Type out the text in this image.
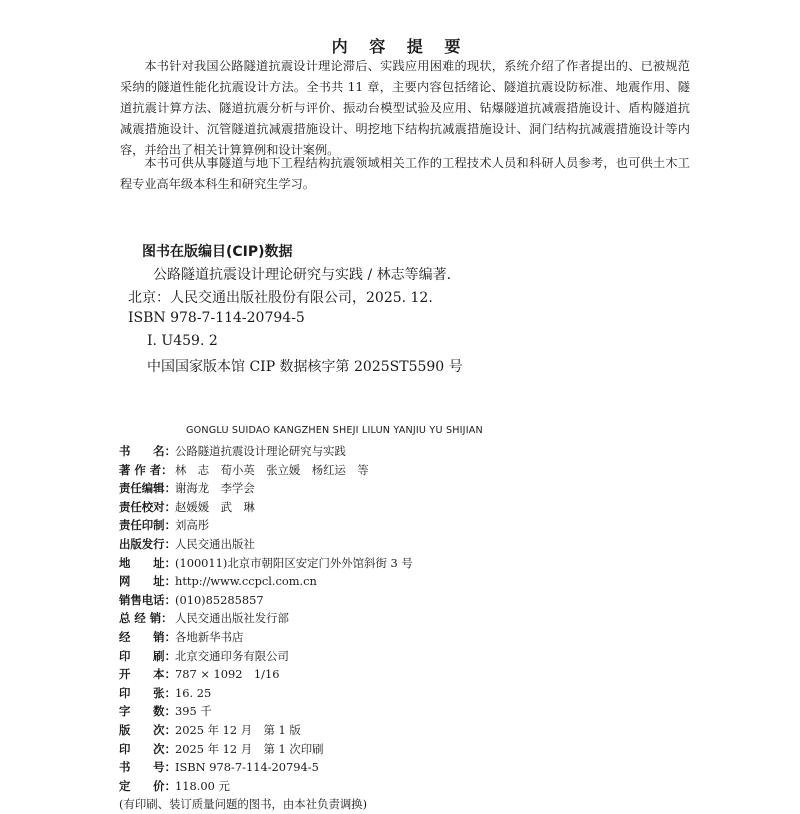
内 容 提 要

本书针对我国公路隧道抗震设计理论滞后、实践应用困难的现状，系统介绍了作者提出的、已被规范采纳的隧道性能化抗震设计方法。全书共 11 章，主要内容包括绪论、隧道抗震设防标准、地震作用、隧道抗震计算方法、隧道抗震分析与评价、振动台模型试验及应用、钻爆隧道抗减震措施设计、盾构隧道抗减震措施设计、沉管隧道抗减震措施设计、明挖地下结构抗减震措施设计、洞门结构抗减震措施设计等内容，并给出了相关计算算例和设计案例。

本书可供从事隧道与地下工程结构抗震领域相关工作的工程技术人员和科研人员参考，也可供土木工程专业高年级本科生和研究生学习。

图书在版编目(CIP)数据
公路隧道抗震设计理论研究与实践 / 林志等编著.
北京：人民交通出版社股份有限公司，2025. 12.
ISBN 978-7-114-20794-5
Ⅰ. U459. 2
中国国家版本馆 CIP 数据核字第 2025ST5590 号
GONGLU SUIDAO KANGZHEN SHEJI LILUN YANJIU YU SHIJIAN
书　　名： 公路隧道抗震设计理论研究与实践
著 作 者： 林　志　荀小英　张立媛　杨红运　等
责任编辑： 谢海龙　李学会
责任校对： 赵媛媛　武　琳
责任印制： 刘高彤
出版发行： 人民交通出版社
地　　址： (100011)北京市朝阳区安定门外外馆斜街 3 号
网　　址： http://www.ccpcl.com.cn
销售电话： (010)85285857
总 经 销： 人民交通出版社发行部
经　　销： 各地新华书店
印　　刷： 北京交通印务有限公司
开　　本： 787 × 1092　1/16
印　　张： 16. 25
字　　数： 395 千
版　　次： 2025 年 12 月　第 1 版
印　　次： 2025 年 12 月　第 1 次印刷
书　　号： ISBN 978-7-114-20794-5
定　　价： 118.00 元
(有印刷、装订质量问题的图书，由本社负责调换)
